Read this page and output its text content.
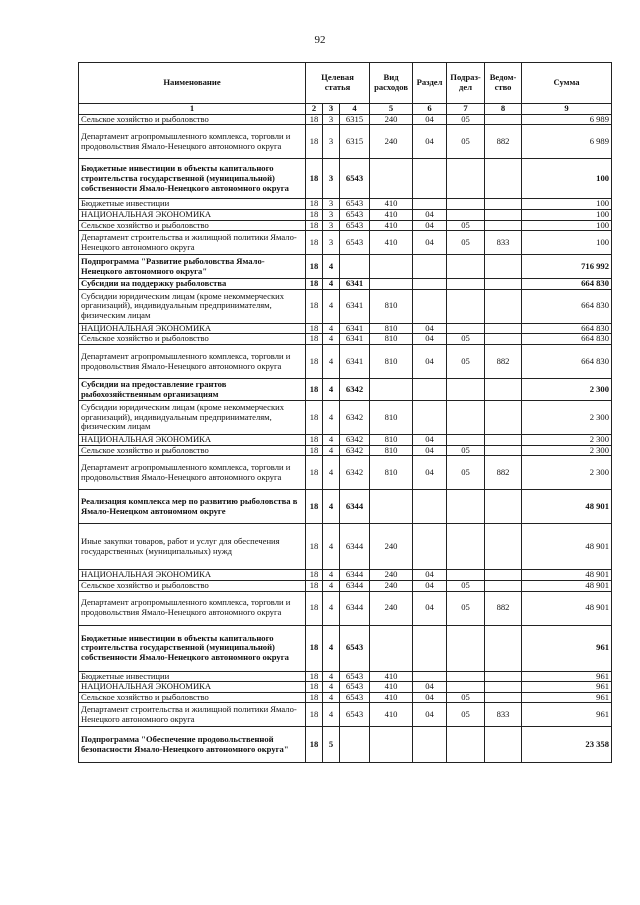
92
Наименование	Целевая статья			Вид расходов	Раздел	Подраз-дел	Ведом-ство	Сумма
1	2	3	4	5	6	7	8	9
Сельское хозяйство и рыболовство	18	3	6315	240	04	05		6 989
Департамент агропромышленного комплекса, торговли и продовольствия Ямало-Ненецкого автономного округа	18	3	6315	240	04	05	882	6 989
Бюджетные инвестиции в объекты капитального строительства государственной (муниципальной) собственности Ямало-Ненецкого автономного округа	18	3	6543					100
Бюджетные инвестиции	18	3	6543	410				100
НАЦИОНАЛЬНАЯ ЭКОНОМИКА	18	3	6543	410	04			100
Сельское хозяйство и рыболовство	18	3	6543	410	04	05		100
Департамент строительства и жилищной политики Ямало-Ненецкого автономного округа	18	3	6543	410	04	05	833	100
Подпрограмма "Развитие рыболовства Ямало-Ненецкого автономного округа"	18	4						716 992
Субсидии на поддержку рыболовства	18	4	6341					664 830
Субсидии юридическим лицам (кроме некоммерческих организаций), индивидуальным предпринимателям, физическим лицам	18	4	6341	810				664 830
НАЦИОНАЛЬНАЯ ЭКОНОМИКА	18	4	6341	810	04			664 830
Сельское хозяйство и рыболовство	18	4	6341	810	04	05		664 830
Департамент агропромышленного комплекса, торговли и продовольствия Ямало-Ненецкого автономного округа	18	4	6341	810	04	05	882	664 830
Субсидии на предоставление грантов рыбохозяйственным организациям	18	4	6342					2 300
Субсидии юридическим лицам (кроме некоммерческих организаций), индивидуальным предпринимателям, физическим лицам	18	4	6342	810				2 300
НАЦИОНАЛЬНАЯ ЭКОНОМИКА	18	4	6342	810	04			2 300
Сельское хозяйство и рыболовство	18	4	6342	810	04	05		2 300
Департамент агропромышленного комплекса, торговли и продовольствия Ямало-Ненецкого автономного округа	18	4	6342	810	04	05	882	2 300
Реализация комплекса мер по развитию рыболовства в Ямало-Ненецком автономном округе	18	4	6344					48 901
Иные закупки товаров, работ и услуг для обеспечения государственных (муниципальных) нужд	18	4	6344	240				48 901
НАЦИОНАЛЬНАЯ ЭКОНОМИКА	18	4	6344	240	04			48 901
Сельское хозяйство и рыболовство	18	4	6344	240	04	05		48 901
Департамент агропромышленного комплекса, торговли и продовольствия Ямало-Ненецкого автономного округа	18	4	6344	240	04	05	882	48 901
Бюджетные инвестиции в объекты капитального строительства государственной (муниципальной) собственности Ямало-Ненецкого автономного округа	18	4	6543					961
Бюджетные инвестиции	18	4	6543	410				961
НАЦИОНАЛЬНАЯ ЭКОНОМИКА	18	4	6543	410	04			961
Сельское хозяйство и рыболовство	18	4	6543	410	04	05		961
Департамент строительства и жилищной политики Ямало-Ненецкого автономного округа	18	4	6543	410	04	05	833	961
Подпрограмма "Обеспечение продовольственной безопасности Ямало-Ненецкого автономного округа"	18	5						23 358
